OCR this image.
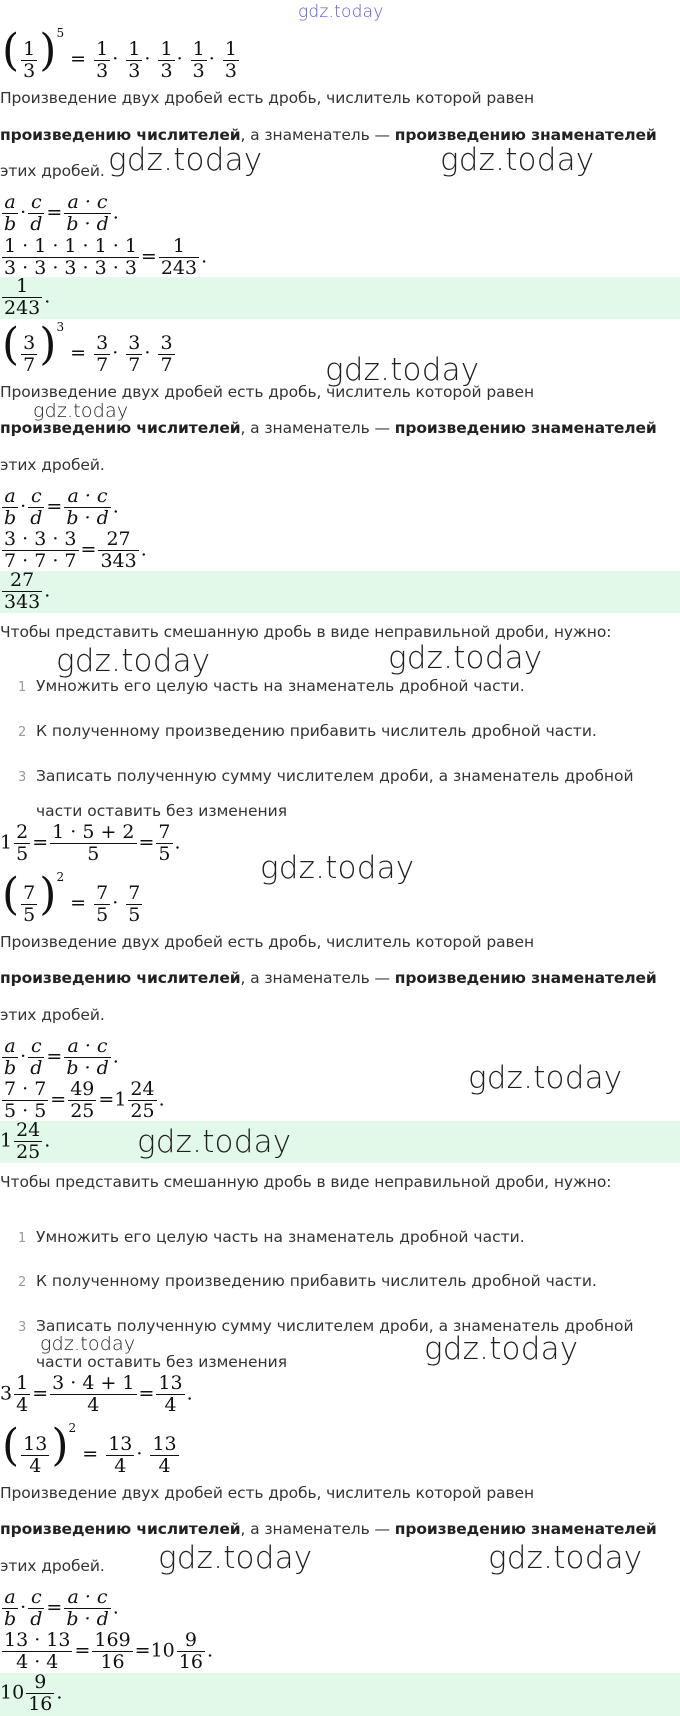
gdz.today
( $\frac{1}{3} )^5 = \frac{1}{3} \cdot \frac{1}{3} \cdot \frac{1}{3} \cdot \frac{1}{3} \cdot \frac{1}{3}$
Произведение двух дробей есть дробь, числитель которой равен
произведению числителей, а знаменатель — произведению знаменателей
этих дробей.
$\frac{a}{b} \cdot \frac{c}{d} = \frac{a \cdot c}{b \cdot d}$ .
$\frac{1 \cdot 1 \cdot 1 \cdot 1 \cdot 1}{3 \cdot 3 \cdot 3 \cdot 3 \cdot 3} = \frac{1}{243}$ .
$\frac{1}{243}$ .
( $\frac{3}{7} )^3 = \frac{3}{7} \cdot \frac{3}{7} \cdot \frac{3}{7}$
Произведение двух дробей есть дробь, числитель которой равен
произведению числителей, а знаменатель — произведению знаменателей
этих дробей.
$\frac{a}{b} \cdot \frac{c}{d} = \frac{a \cdot c}{b \cdot d}$ .
$\frac{3 \cdot 3 \cdot 3}{7 \cdot 7 \cdot 7} = \frac{27}{343}$ .
$\frac{27}{343}$ .
Чтобы представить смешанную дробь в виде неправильной дроби, нужно:
1 Умножить его целую часть на знаменатель дробной части.
2 К полученному произведению прибавить числитель дробной части.
3 Записать полученную сумму числителем дроби, а знаменатель дробной
части оставить без изменения
$1 \frac{2}{5} = \frac{1 \cdot 5 + 2}{5} = \frac{7}{5}$ .
( $\frac{7}{5} )^2 = \frac{7}{5} \cdot \frac{7}{5}$
Произведение двух дробей есть дробь, числитель которой равен
произведению числителей, а знаменатель — произведению знаменателей
этих дробей.
$\frac{a}{b} \cdot \frac{c}{d} = \frac{a \cdot c}{b \cdot d}$ .
$\frac{7 \cdot 7}{5 \cdot 5} = \frac{49}{25} =1 \frac{24}{25}$ .
$1 \frac{24}{25}$ .
Чтобы представить смешанную дробь в виде неправильной дроби, нужно:
1 Умножить его целую часть на знаменатель дробной части.
2 К полученному произведению прибавить числитель дробной части.
3 Записать полученную сумму числителем дроби, а знаменатель дробной
части оставить без изменения
$3 \frac{1}{4} = \frac{3 \cdot 4 + 1}{4} = \frac{13}{4}$ .
( $\frac{13}{4} )^2 = \frac{13}{4} \cdot \frac{13}{4}$
Произведение двух дробей есть дробь, числитель которой равен
произведению числителей, а знаменатель — произведению знаменателей
этих дробей.
$\frac{a}{b} \cdot \frac{c}{d} = \frac{a \cdot c}{b \cdot d}$ .
$\frac{13 \cdot 13}{4 \cdot 4} = \frac{169}{16} =10 \frac{9}{16}$ .
$10 \frac{9}{16}$ .
gdz.today	gdz.today
gdz.today
gdz.today
gdz.today	gdz.today
gdz.today
gdz.today
gdz.today
gdz.today	gdz.today
gdz.today	gdz.today
